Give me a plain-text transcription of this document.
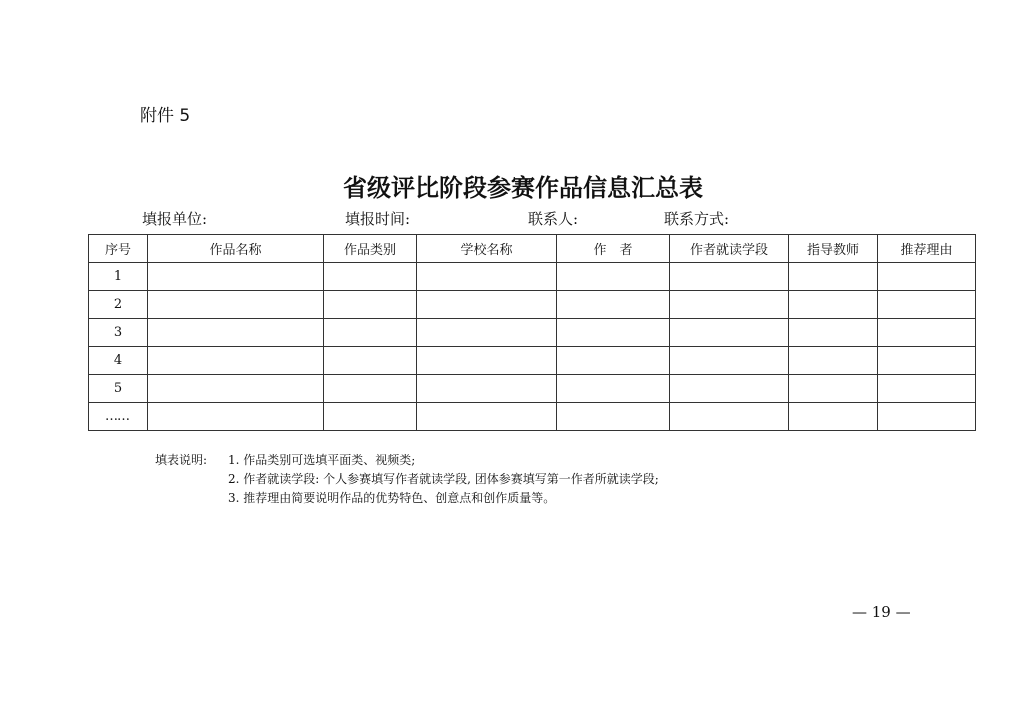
附件 5
省级评比阶段参赛作品信息汇总表
填报单位:	填报时间:	联系人:	联系方式:
序号	作品名称	作品类别	学校名称	作　者	作者就读学段	指导教师	推荐理由
1							
2							
3							
4							
5							
……							
填表说明: 1. 作品类别可选填平面类、视频类;
2. 作者就读学段: 个人参赛填写作者就读学段, 团体参赛填写第一作者所就读学段;
3. 推荐理由简要说明作品的优势特色、创意点和创作质量等。
— 19 —
